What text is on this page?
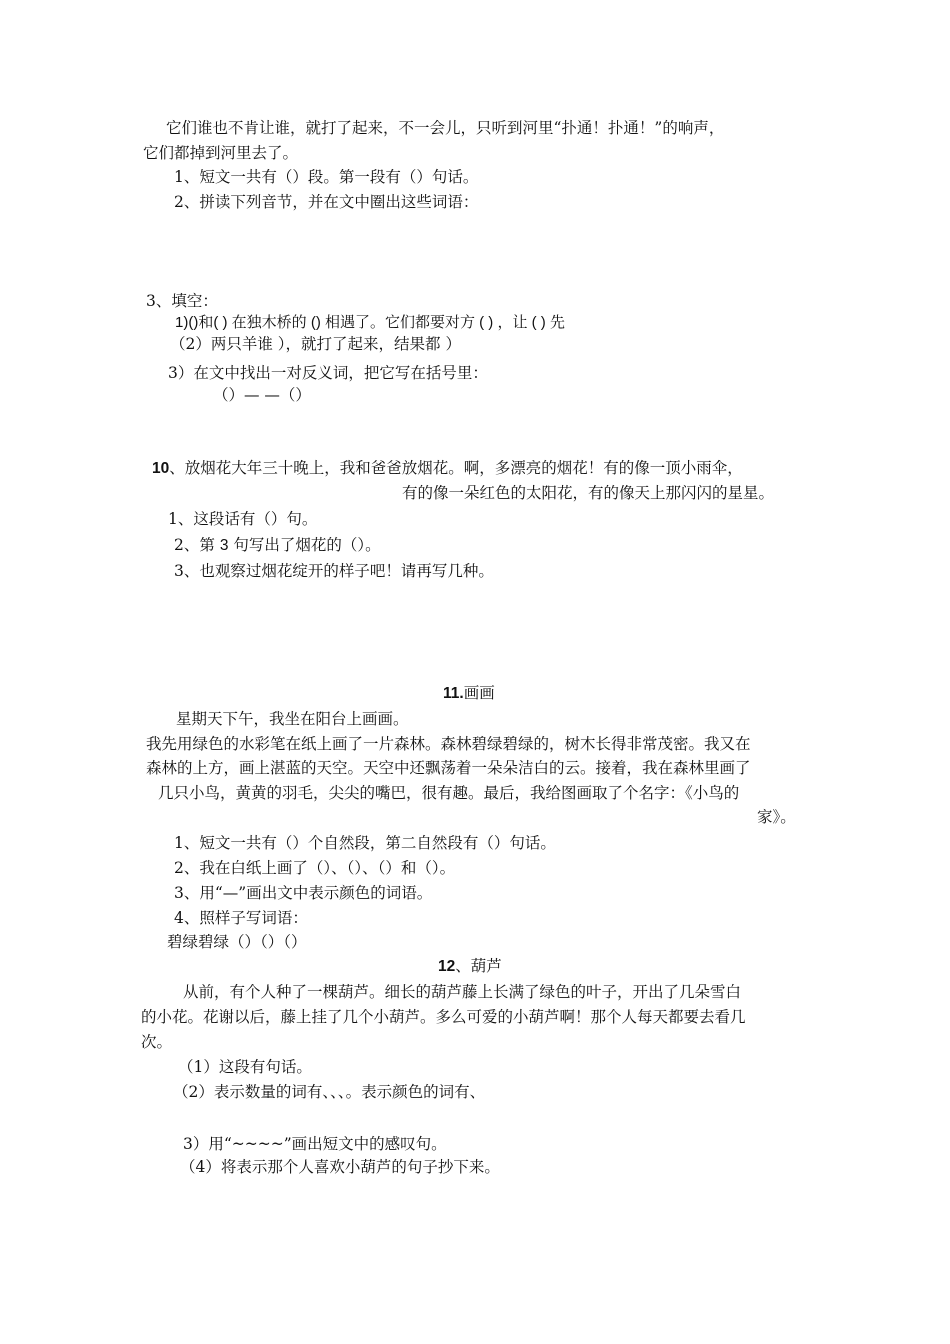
它们谁也不肯让谁，就打了起来，不一会儿，只听到河里“扑通！扑通！”的响声，
它们都掉到河里去了。
1、短文一共有（）段。第一段有（）句话。
2、拼读下列音节，并在文中圈出这些词语：
3、填空：
1)()和( ) 在独木桥的 () 相遇了。它们都要对方 ( ) ，让 ( ) 先
（2）两只羊谁 ），就打了起来，结果都 ）
3）在文中找出一对反义词，把它写在括号里：
（）— —（）
10、放烟花大年三十晚上，我和爸爸放烟花。啊，多漂亮的烟花！有的像一顶小雨伞，
有的像一朵红色的太阳花，有的像天上那闪闪的星星。
1、这段话有（）句。
2、第 3 句写出了烟花的（）。
3、也观察过烟花绽开的样子吧！请再写几种。
11.画画
星期天下午，我坐在阳台上画画。
我先用绿色的水彩笔在纸上画了一片森林。森林碧绿碧绿的，树木长得非常茂密。我又在
森林的上方，画上湛蓝的天空。天空中还飘荡着一朵朵洁白的云。接着，我在森林里画了
几只小鸟，黄黄的羽毛，尖尖的嘴巴，很有趣。最后，我给图画取了个名字：《小鸟的
家》。
1、短文一共有（）个自然段，第二自然段有（）句话。
2、我在白纸上画了（）、（）、（）和（）。
3、用“—”画出文中表示颜色的词语。
4、照样子写词语：
碧绿碧绿（）（）（）
12、葫芦
从前，有个人种了一棵葫芦。细长的葫芦藤上长满了绿色的叶子，开出了几朵雪白
的小花。花谢以后，藤上挂了几个小葫芦。多么可爱的小葫芦啊！那个人每天都要去看几
次。
（1）这段有句话。
（2）表示数量的词有、、、。表示颜色的词有、
3）用“~~~~”画出短文中的感叹句。
（4）将表示那个人喜欢小葫芦的句子抄下来。
